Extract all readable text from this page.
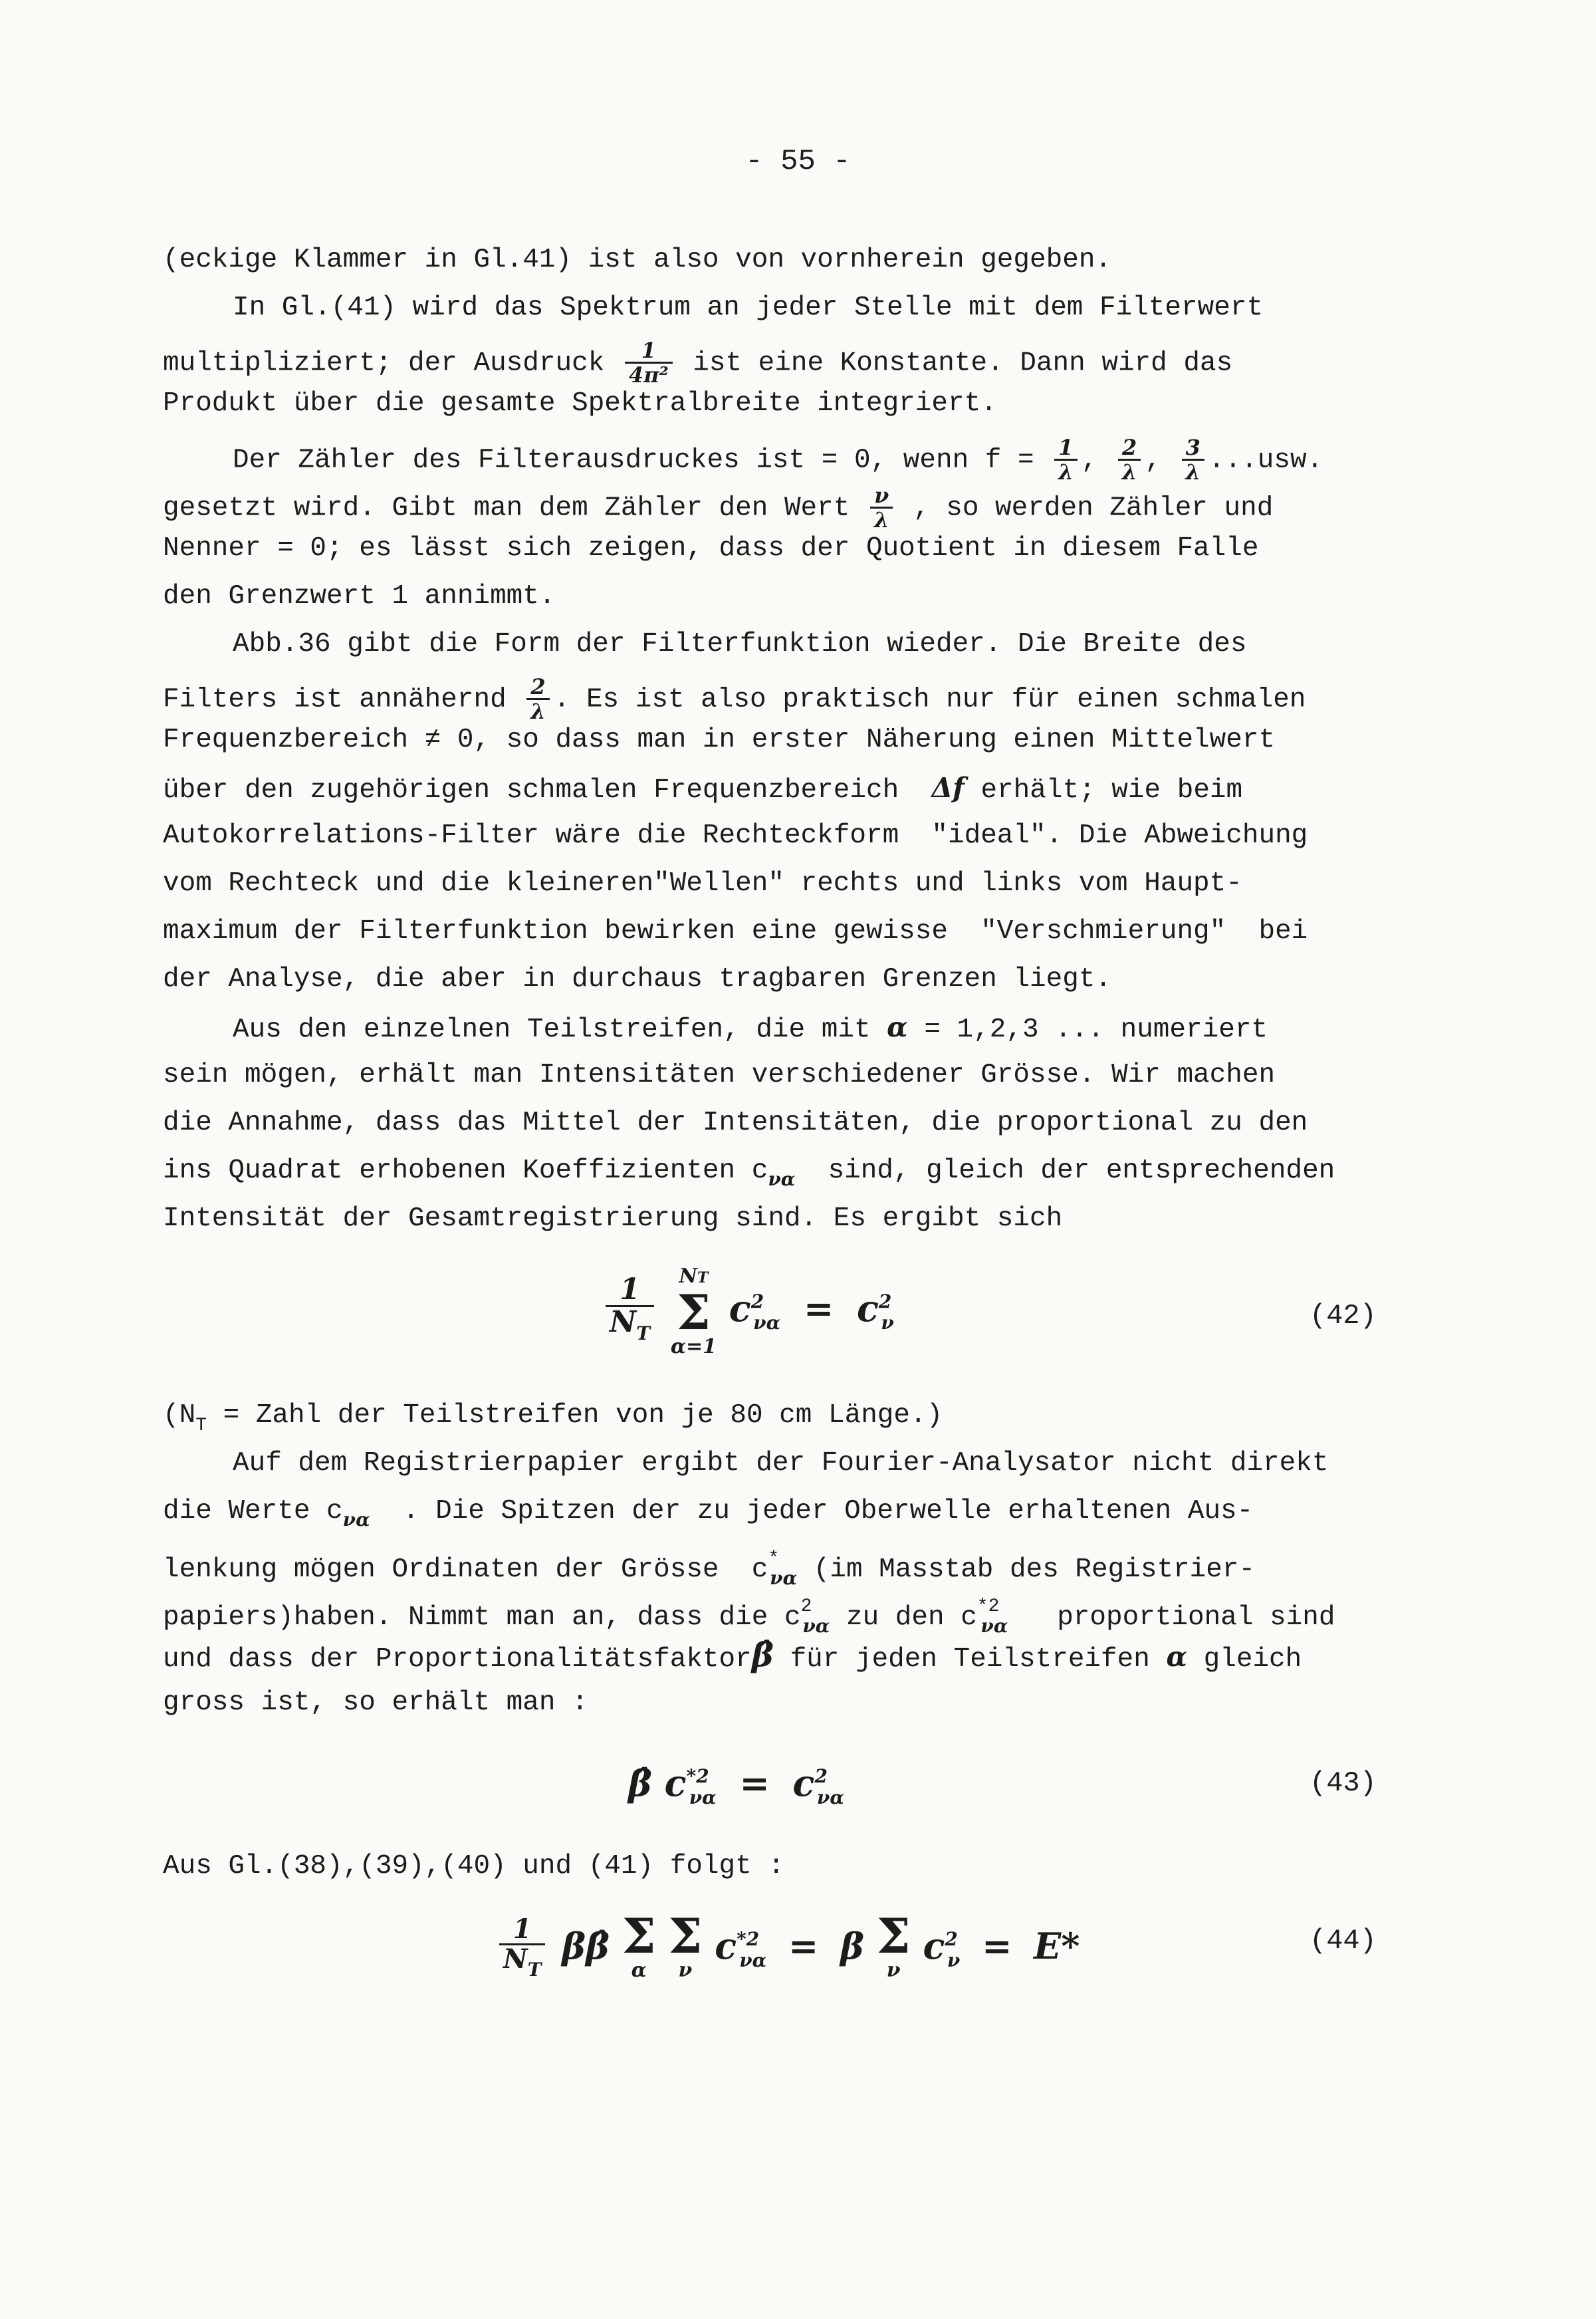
- 55 -
(eckige Klammer in Gl.41) ist also von vornherein gegeben.
In Gl.(41) wird das Spektrum an jeder Stelle mit dem Filterwert
multipliziert; der Ausdruck $\frac{1}{\text{4π²}}$ ist eine Konstante. Dann wird das
Produkt über die gesamte Spektralbreite integriert.
Der Zähler des Filterausdruckes ist = 0, wenn $f = \frac{1}{\lambda}$ , $\frac{2}{\lambda}$ , $\frac{3}{\lambda} ...usw$.
gesetzt wird. Gibt man dem Zähler den Wert $\frac{\nu}{\lambda}$ , so werden Zähler und
Nenner = 0; es lässt sich zeigen, dass der Quotient in diesem Falle
den Grenzwert 1 annimmt.
Abb.36 gibt die Form der Filterfunktion wieder. Die Breite des
Filters ist annähernd $\frac{2}{\lambda}$ . Es ist also praktisch nur für einen schmalen
Frequenzbereich ≠ 0, so dass man in erster Näherung einen Mittelwert
über den zugehörigen schmalen Frequenzbereich Δf erhält; wie beim
Autokorrelations-Filter wäre die Rechteckform  "ideal". Die Abweichung
vom Rechteck und die kleineren"Wellen" rechts und links vom Haupt-
maximum der Filterfunktion bewirken eine gewisse  "Verschmierung"  bei
der Analyse, die aber in durchaus tragbaren Grenzen liegt.
Aus den einzelnen Teilstreifen, die mit α = 1,2,3 ... numeriert
sein mögen, erhält man Intensitäten verschiedener Grösse. Wir machen
die Annahme, dass das Mittel der Intensitäten, die proportional zu den
ins Quadrat erhobenen Koeffizienten $c_{\nu\alpha}$ sind, gleich der entsprechenden
Intensität der Gesamtregistrierung sind. Es ergibt sich
$\frac{1}{N_T}$
	NT
Σ
α=1
$c^2_{\nu\alpha} = c^2_\nu$	(42)
($N_T$ = Zahl der Teilstreifen von je 80 cm Länge.)
Auf dem Registrierpapier ergibt der Fourier-Analysator nicht direkt
die Werte $c_{\nu\alpha}$ . Die Spitzen der zu jeder Oberwelle erhaltenen Aus-
lenkung mögen Ordinaten der Grösse  $c^*_{\nu\alpha}$ (im Masstab des Registrier-
papiers)haben. Nimmt man an, dass die $c^2_{\nu\alpha}$ zu den $c^{*2}_{\nu\alpha}$   proportional sind
und dass der Proportionalitätsfaktorβ̂ für jeden Teilstreifen α gleich
gross ist, so erhält man :
β̂ $c^{*2}_{\nu\alpha} = c^2_{\nu\alpha}$	(43)
Aus Gl.(38),(39),(40) und (41) folgt :
$\frac{1}{N_T}$ ββ̂ Σ
α

Σ
ν
$c^{*2}_{\nu\alpha} = \beta$ Σ
ν
$c^2_\nu = E*$	(44)
